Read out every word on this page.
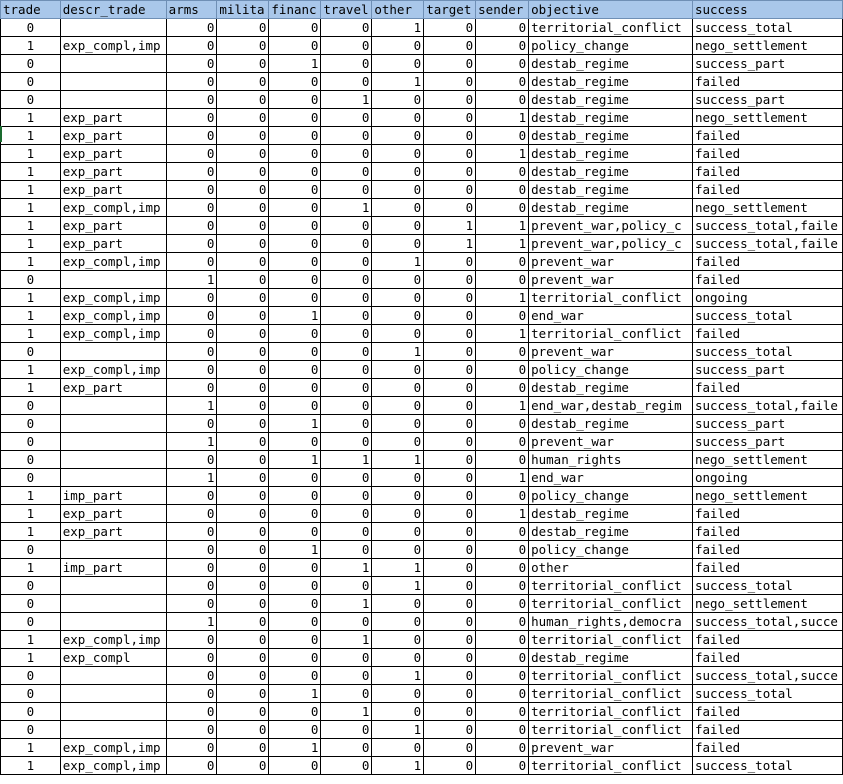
trade	descr_trade	arms	milita	financ	travel	other	target	sender	objective	success
0		0	0	0	0	1	0	0	territorial_conflict	success_total
1	exp_compl,imp	0	0	0	0	0	0	0	policy_change	nego_settlement
0		0	0	1	0	0	0	0	destab_regime	success_part
0		0	0	0	0	1	0	0	destab_regime	failed
0		0	0	0	1	0	0	0	destab_regime	success_part
1	exp_part	0	0	0	0	0	0	1	destab_regime	nego_settlement
1	exp_part	0	0	0	0	0	0	0	destab_regime	failed
1	exp_part	0	0	0	0	0	0	1	destab_regime	failed
1	exp_part	0	0	0	0	0	0	0	destab_regime	failed
1	exp_part	0	0	0	0	0	0	0	destab_regime	failed
1	exp_compl,imp	0	0	0	1	0	0	0	destab_regime	nego_settlement
1	exp_part	0	0	0	0	0	1	1	prevent_war,policy_c	success_total,faile
1	exp_part	0	0	0	0	0	1	1	prevent_war,policy_c	success_total,faile
1	exp_compl,imp	0	0	0	0	1	0	0	prevent_war	failed
0		1	0	0	0	0	0	0	prevent_war	failed
1	exp_compl,imp	0	0	0	0	0	0	1	territorial_conflict	ongoing
1	exp_compl,imp	0	0	1	0	0	0	0	end_war	success_total
1	exp_compl,imp	0	0	0	0	0	0	1	territorial_conflict	failed
0		0	0	0	0	1	0	0	prevent_war	success_total
1	exp_compl,imp	0	0	0	0	0	0	0	policy_change	success_part
1	exp_part	0	0	0	0	0	0	0	destab_regime	failed
0		1	0	0	0	0	0	1	end_war,destab_regim	success_total,faile
0		0	0	1	0	0	0	0	destab_regime	success_part
0		1	0	0	0	0	0	0	prevent_war	success_part
0		0	0	1	1	1	0	0	human_rights	nego_settlement
0		1	0	0	0	0	0	1	end_war	ongoing
1	imp_part	0	0	0	0	0	0	0	policy_change	nego_settlement
1	exp_part	0	0	0	0	0	0	1	destab_regime	failed
1	exp_part	0	0	0	0	0	0	0	destab_regime	failed
0		0	0	1	0	0	0	0	policy_change	failed
1	imp_part	0	0	0	1	1	0	0	other	failed
0		0	0	0	0	1	0	0	territorial_conflict	success_total
0		0	0	0	1	0	0	0	territorial_conflict	nego_settlement
0		1	0	0	0	0	0	0	human_rights,democra	success_total,succe
1	exp_compl,imp	0	0	0	1	0	0	0	territorial_conflict	failed
1	exp_compl	0	0	0	0	0	0	0	destab_regime	failed
0		0	0	0	0	1	0	0	territorial_conflict	success_total,succe
0		0	0	1	0	0	0	0	territorial_conflict	success_total
0		0	0	0	1	0	0	0	territorial_conflict	failed
0		0	0	0	0	1	0	0	territorial_conflict	failed
1	exp_compl,imp	0	0	1	0	0	0	0	prevent_war	failed
1	exp_compl,imp	0	0	0	0	1	0	0	territorial_conflict	success_total
